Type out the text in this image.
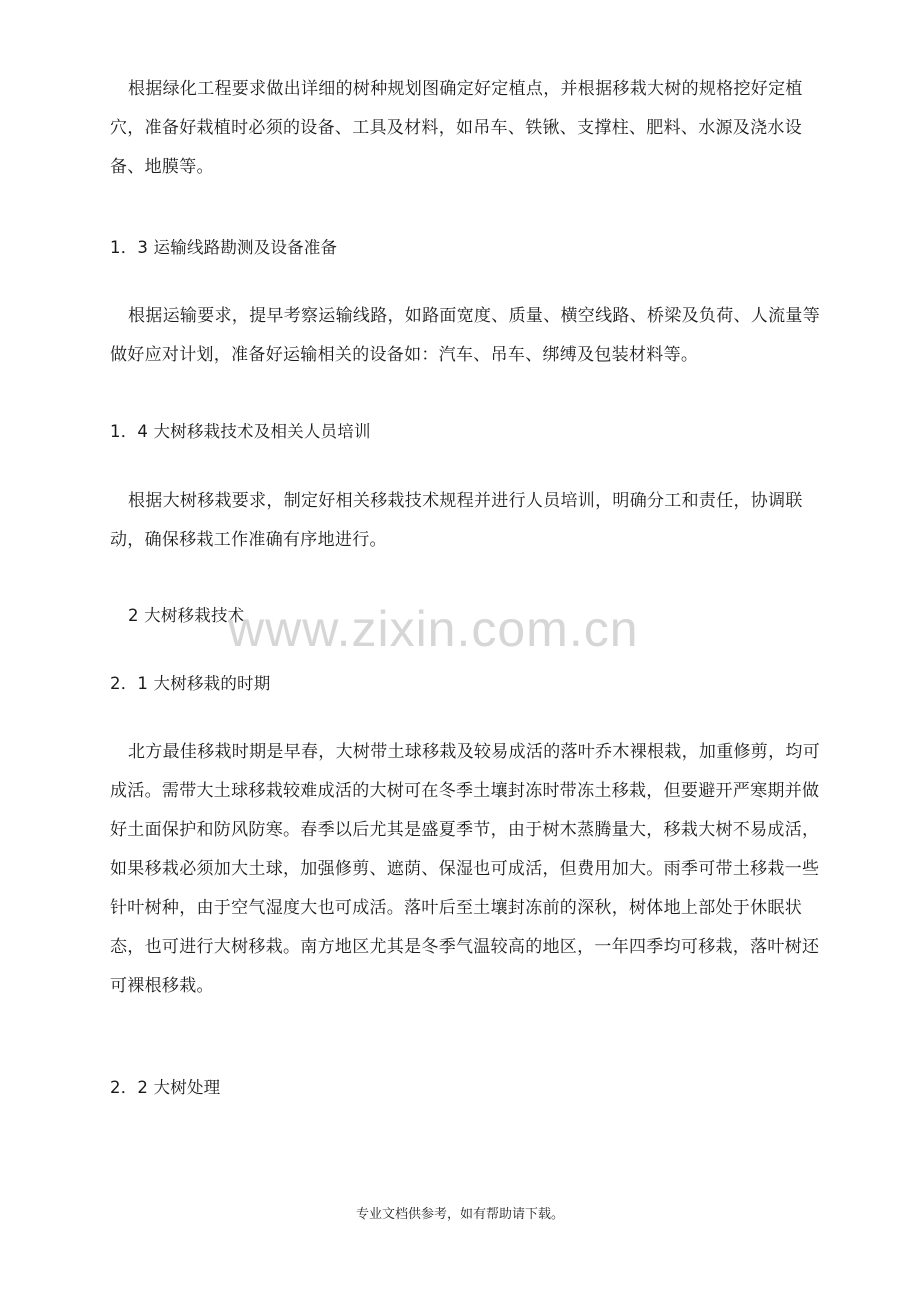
根据绿化工程要求做出详细的树种规划图确定好定植点，并根据移栽大树的规格挖好定植穴，准备好栽植时必须的设备、工具及材料，如吊车、铁锹、支撑柱、肥料、水源及浇水设备、地膜等。

1．3 运输线路勘测及设备准备

根据运输要求，提早考察运输线路，如路面宽度、质量、横空线路、桥梁及负荷、人流量等做好应对计划，准备好运输相关的设备如：汽车、吊车、绑缚及包装材料等。

1．4 大树移栽技术及相关人员培训

根据大树移栽要求，制定好相关移栽技术规程并进行人员培训，明确分工和责任，协调联动，确保移栽工作准确有序地进行。

2 大树移栽技术

www.zixin.com.cn

2．1 大树移栽的时期

北方最佳移栽时期是早春，大树带土球移栽及较易成活的落叶乔木裸根栽，加重修剪，均可成活。需带大土球移栽较难成活的大树可在冬季土壤封冻时带冻土移栽，但要避开严寒期并做好土面保护和防风防寒。春季以后尤其是盛夏季节，由于树木蒸腾量大，移栽大树不易成活，如果移栽必须加大土球，加强修剪、遮荫、保湿也可成活，但费用加大。雨季可带土移栽一些针叶树种，由于空气湿度大也可成活。落叶后至土壤封冻前的深秋，树体地上部处于休眠状态，也可进行大树移栽。南方地区尤其是冬季气温较高的地区，一年四季均可移栽，落叶树还可裸根移栽。

2．2 大树处理

专业文档供参考，如有帮助请下载。
